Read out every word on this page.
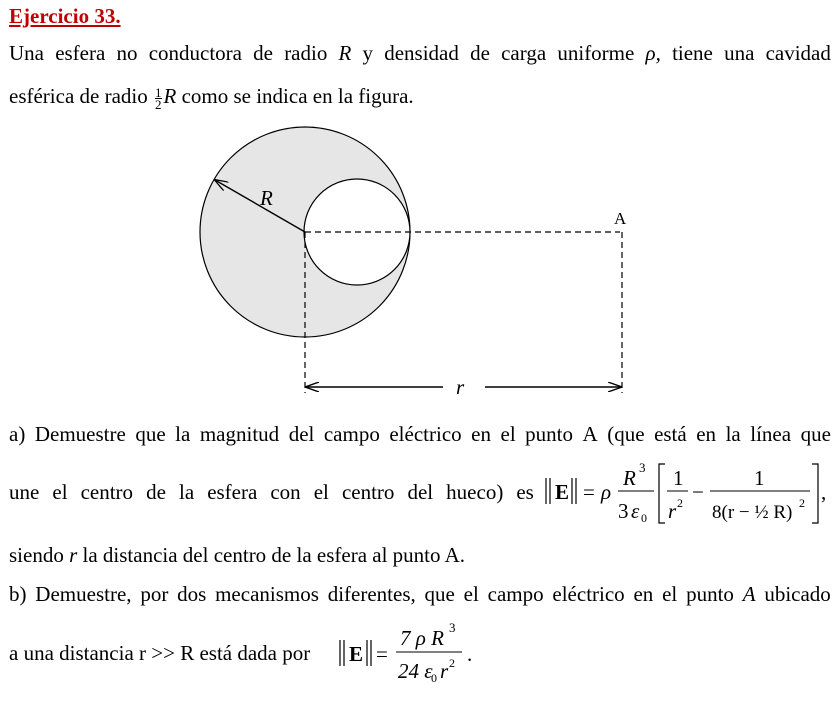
Ejercicio 33.
Una esfera no conductora de radio R y densidad de carga uniforme ρ, tiene una cavidad
esférica de radio $\frac{1}{2}$ R como se indica en la figura.
R
A
r
a) Demuestre que la magnitud del campo eléctrico en el punto A (que está en la línea que
une el centro de la esfera con el centro del hueco) es E = ρ
R 3
3 ε 0
1
r 2 −
1
8(r − ½ R) 2 ,
siendo r la distancia del centro de la esfera al punto A.
b) Demuestre, por dos mecanismos diferentes, que el campo eléctrico en el punto A ubicado
a una distancia r >> R está dada por E =
7 ρ R 3
24 ε
0 r 2 .
